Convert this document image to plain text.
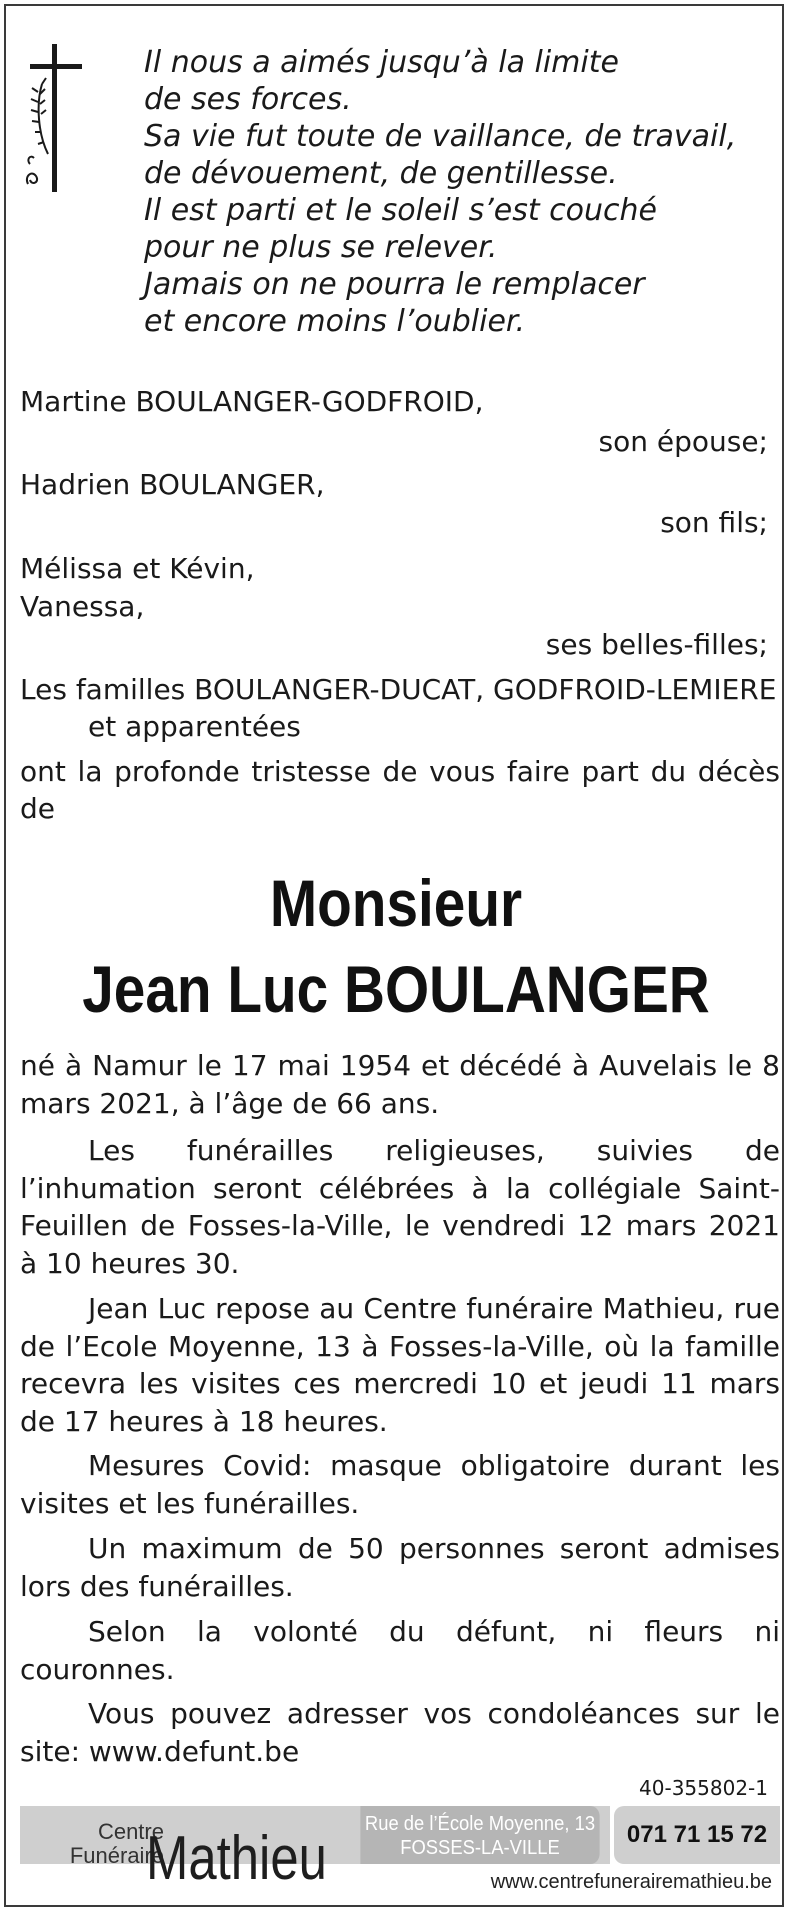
Il nous a aimés jusqu’à la limite
de ses forces.
Sa vie fut toute de vaillance, de travail,
de dévouement, de gentillesse.
Il est parti et le soleil s’est couché
pour ne plus se relever.
Jamais on ne pourra le remplacer
et encore moins l’oublier.
Martine BOULANGER-GODFROID,
son épouse;
Hadrien BOULANGER,
son fils;
Mélissa et Kévin,
Vanessa,
ses belles-filles;
Les familles BOULANGER-DUCAT, GODFROID-LEMIERE
et apparentées
ont la profonde tristesse de vous faire part du décès de
Monsieur
Jean Luc BOULANGER
né à Namur le 17 mai 1954 et décédé à Auvelais le 8 mars 2021, à l’âge de 66 ans.
Les funérailles religieuses, suivies de l’inhumation seront célébrées à la collégiale Saint-Feuillen de Fosses-la-Ville, le vendredi 12 mars 2021 à 10 heures 30.
Jean Luc repose au Centre funéraire Mathieu, rue de l’Ecole Moyenne, 13 à Fosses-la-Ville, où la famille recevra les visites ces mercredi 10 et jeudi 11 mars de 17 heures à 18 heures.
Mesures Covid: masque obligatoire durant les visites et les funérailles.
Un maximum de 50 personnes seront admises lors des funérailles.
Selon la volonté du défunt, ni fleurs ni couronnes.
Vous pouvez adresser vos condoléances sur le site: www.defunt.be
40-355802-1
Centre
Funéraire
Mathieu Rue de l’École Moyenne, 13
FOSSES-LA-VILLE	071 71 15 72
www.centrefunerairemathieu.be
